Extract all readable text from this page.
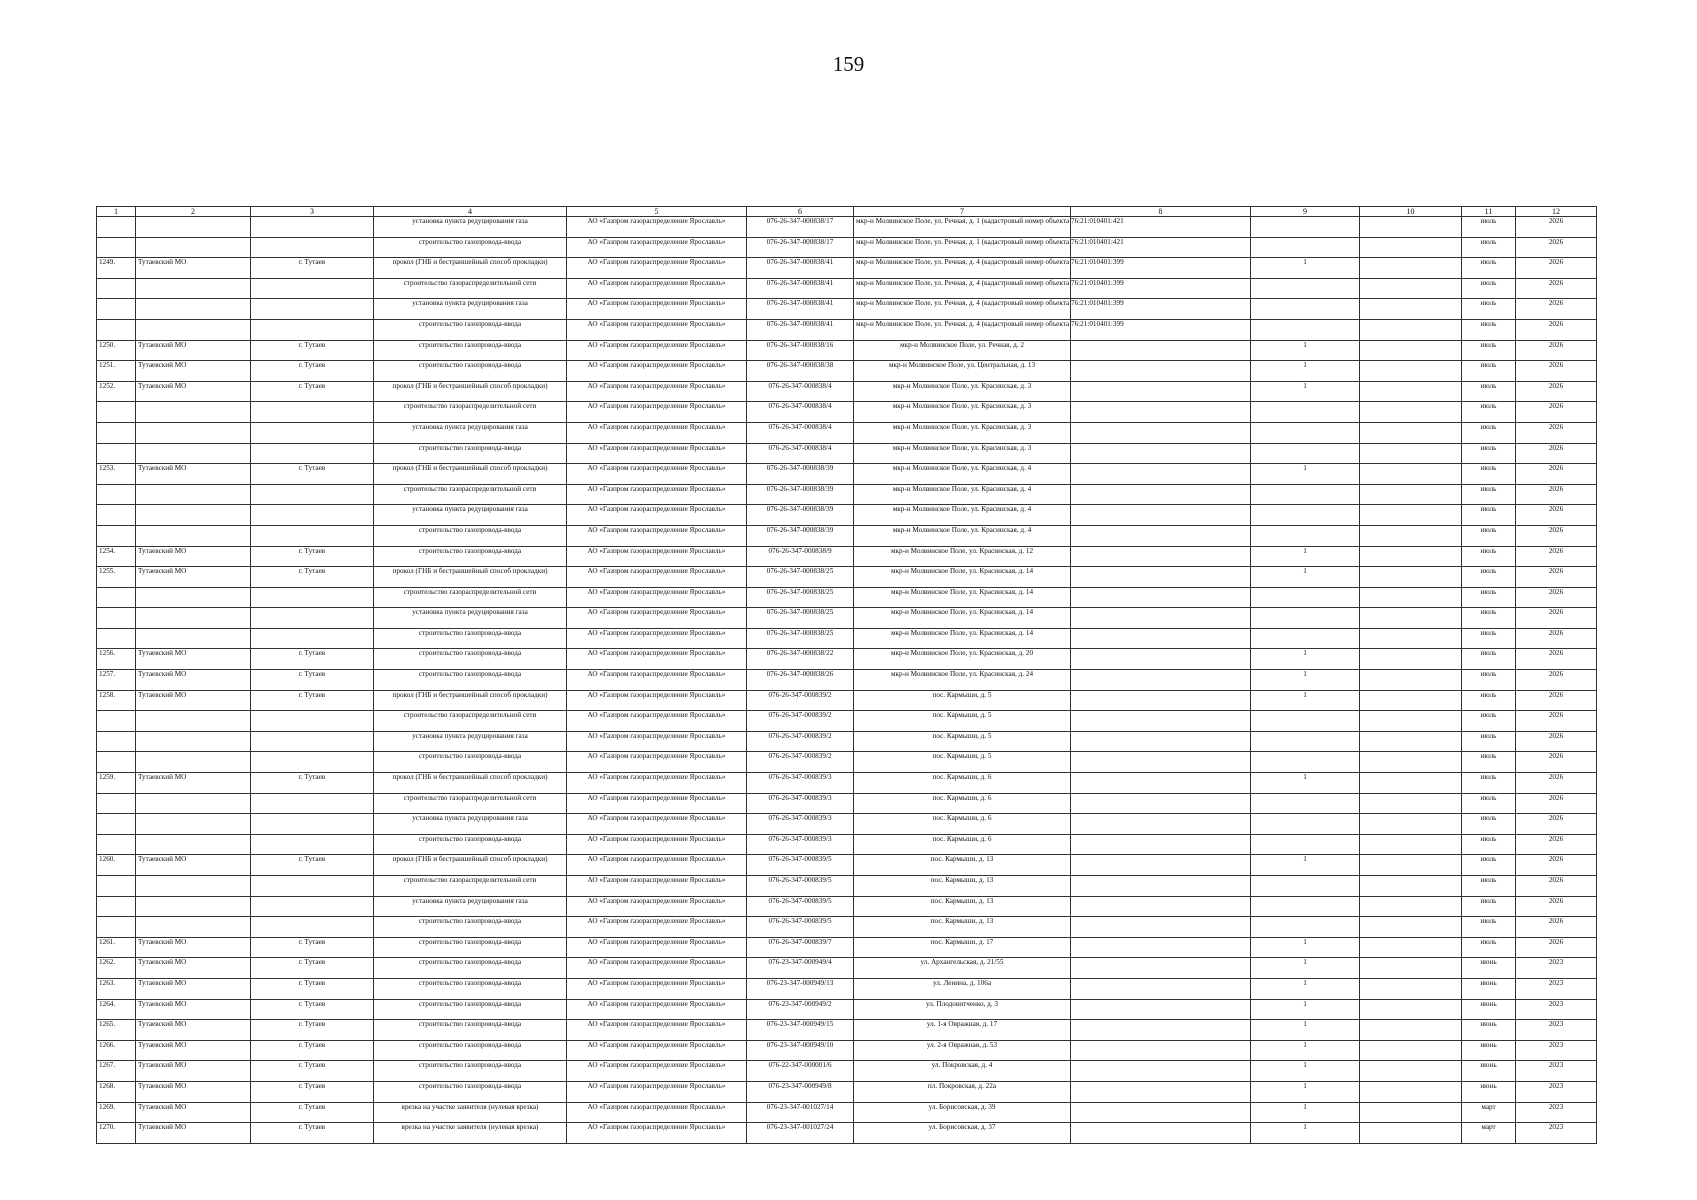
159
1	2	3	4	5	6	7	8	9	10	11	12
			установка пункта редуцирования газа	АО «Газпром газораспределение Ярославль»	076-26-347-000838/17	мкр-н Молвинское Поле, ул. Речная, д. 1 (кадастровый номер объекта 76:21:010401:421				июль	2026
			строительство газопровода-ввода	АО «Газпром газораспределение Ярославль»	076-26-347-000838/17	мкр-н Молвинское Поле, ул. Речная, д. 1 (кадастровый номер объекта 76:21:010401:421				июль	2026
1249.	Тутаевский МО	г. Тутаев	прокол (ГНБ и бестраншейный способ прокладки)	АО «Газпром газораспределение Ярославль»	076-26-347-000838/41	мкр-н Молвинское Поле, ул. Речная, д. 4 (кадастровый номер объекта 76:21:010401:399		1		июль	2026
			строительство газораспределительной сети	АО «Газпром газораспределение Ярославль»	076-26-347-000838/41	мкр-н Молвинское Поле, ул. Речная, д. 4 (кадастровый номер объекта 76:21:010401:399				июль	2026
			установка пункта редуцирования газа	АО «Газпром газораспределение Ярославль»	076-26-347-000838/41	мкр-н Молвинское Поле, ул. Речная, д. 4 (кадастровый номер объекта 76:21:010401:399				июль	2026
			строительство газопровода-ввода	АО «Газпром газораспределение Ярославль»	076-26-347-000838/41	мкр-н Молвинское Поле, ул. Речная, д. 4 (кадастровый номер объекта 76:21:010401:399				июль	2026
1250.	Тутаевский МО	г. Тутаев	строительство газопровода-ввода	АО «Газпром газораспределение Ярославль»	076-26-347-000838/16	мкр-н Молвинское Поле, ул. Речная, д. 2		1		июль	2026
1251.	Тутаевский МО	г. Тутаев	строительство газопровода-ввода	АО «Газпром газораспределение Ярославль»	076-26-347-000838/38	мкр-н Молвинское Поле, ул. Центральная, д. 13		1		июль	2026
1252.	Тутаевский МО	г. Тутаев	прокол (ГНБ и бестраншейный способ прокладки)	АО «Газпром газораспределение Ярославль»	076-26-347-000838/4	мкр-н Молвинское Поле, ул. Красинская, д. 3		1		июль	2026
			строительство газораспределительной сети	АО «Газпром газораспределение Ярославль»	076-26-347-000838/4	мкр-н Молвинское Поле, ул. Красинская, д. 3				июль	2026
			установка пункта редуцирования газа	АО «Газпром газораспределение Ярославль»	076-26-347-000838/4	мкр-н Молвинское Поле, ул. Красинская, д. 3				июль	2026
			строительство газопровода-ввода	АО «Газпром газораспределение Ярославль»	076-26-347-000838/4	мкр-н Молвинское Поле, ул. Красинская, д. 3				июль	2026
1253.	Тутаевский МО	г. Тутаев	прокол (ГНБ и бестраншейный способ прокладки)	АО «Газпром газораспределение Ярославль»	076-26-347-000838/39	мкр-н Молвинское Поле, ул. Красинская, д. 4		1		июль	2026
			строительство газораспределительной сети	АО «Газпром газораспределение Ярославль»	076-26-347-000838/39	мкр-н Молвинское Поле, ул. Красинская, д. 4				июль	2026
			установка пункта редуцирования газа	АО «Газпром газораспределение Ярославль»	076-26-347-000838/39	мкр-н Молвинское Поле, ул. Красинская, д. 4				июль	2026
			строительство газопровода-ввода	АО «Газпром газораспределение Ярославль»	076-26-347-000838/39	мкр-н Молвинское Поле, ул. Красинская, д. 4				июль	2026
1254.	Тутаевский МО	г. Тутаев	строительство газопровода-ввода	АО «Газпром газораспределение Ярославль»	076-26-347-000838/9	мкр-н Молвинское Поле, ул. Красинская, д. 12		1		июль	2026
1255.	Тутаевский МО	г. Тутаев	прокол (ГНБ и бестраншейный способ прокладки)	АО «Газпром газораспределение Ярославль»	076-26-347-000838/25	мкр-н Молвинское Поле, ул. Красинская, д. 14		1		июль	2026
			строительство газораспределительной сети	АО «Газпром газораспределение Ярославль»	076-26-347-000838/25	мкр-н Молвинское Поле, ул. Красинская, д. 14				июль	2026
			установка пункта редуцирования газа	АО «Газпром газораспределение Ярославль»	076-26-347-000838/25	мкр-н Молвинское Поле, ул. Красинская, д. 14				июль	2026
			строительство газопровода-ввода	АО «Газпром газораспределение Ярославль»	076-26-347-000838/25	мкр-н Молвинское Поле, ул. Красинская, д. 14				июль	2026
1256.	Тутаевский МО	г. Тутаев	строительство газопровода-ввода	АО «Газпром газораспределение Ярославль»	076-26-347-000838/22	мкр-н Молвинское Поле, ул. Красинская, д. 20		1		июль	2026
1257.	Тутаевский МО	г. Тутаев	строительство газопровода-ввода	АО «Газпром газораспределение Ярославль»	076-26-347-000838/26	мкр-н Молвинское Поле, ул. Красинская, д. 24		1		июль	2026
1258.	Тутаевский МО	г. Тутаев	прокол (ГНБ и бестраншейный способ прокладки)	АО «Газпром газораспределение Ярославль»	076-26-347-000839/2	пос. Кармыши, д. 5		1		июль	2026
			строительство газораспределительной сети	АО «Газпром газораспределение Ярославль»	076-26-347-000839/2	пос. Кармыши, д. 5				июль	2026
			установка пункта редуцирования газа	АО «Газпром газораспределение Ярославль»	076-26-347-000839/2	пос. Кармыши, д. 5				июль	2026
			строительство газопровода-ввода	АО «Газпром газораспределение Ярославль»	076-26-347-000839/2	пос. Кармыши, д. 5				июль	2026
1259.	Тутаевский МО	г. Тутаев	прокол (ГНБ и бестраншейный способ прокладки)	АО «Газпром газораспределение Ярославль»	076-26-347-000839/3	пос. Кармыши, д. 6		1		июль	2026
			строительство газораспределительной сети	АО «Газпром газораспределение Ярославль»	076-26-347-000839/3	пос. Кармыши, д. 6				июль	2026
			установка пункта редуцирования газа	АО «Газпром газораспределение Ярославль»	076-26-347-000839/3	пос. Кармыши, д. 6				июль	2026
			строительство газопровода-ввода	АО «Газпром газораспределение Ярославль»	076-26-347-000839/3	пос. Кармыши, д. 6				июль	2026
1260.	Тутаевский МО	г. Тутаев	прокол (ГНБ и бестраншейный способ прокладки)	АО «Газпром газораспределение Ярославль»	076-26-347-000839/5	пос. Кармыши, д. 13		1		июль	2026
			строительство газораспределительной сети	АО «Газпром газораспределение Ярославль»	076-26-347-000839/5	пос. Кармыши, д. 13				июль	2026
			установка пункта редуцирования газа	АО «Газпром газораспределение Ярославль»	076-26-347-000839/5	пос. Кармыши, д. 13				июль	2026
			строительство газопровода-ввода	АО «Газпром газораспределение Ярославль»	076-26-347-000839/5	пос. Кармыши, д. 13				июль	2026
1261.	Тутаевский МО	г. Тутаев	строительство газопровода-ввода	АО «Газпром газораспределение Ярославль»	076-26-347-000839/7	пос. Кармыши, д. 17		1		июль	2026
1262.	Тутаевский МО	г. Тутаев	строительство газопровода-ввода	АО «Газпром газораспределение Ярославль»	076-23-347-000949/4	ул. Архангельская, д. 21/55		1		июнь	2023
1263.	Тутаевский МО	г. Тутаев	строительство газопровода-ввода	АО «Газпром газораспределение Ярославль»	076-23-347-000949/13	ул. Ленина, д. 106а		1		июнь	2023
1264.	Тутаевский МО	г. Тутаев	строительство газопровода-ввода	АО «Газпром газораспределение Ярославль»	076-23-347-000949/2	ул. Плодовитченко, д. 3		1		июнь	2023
1265.	Тутаевский МО	г. Тутаев	строительство газопровода-ввода	АО «Газпром газораспределение Ярославль»	076-23-347-000949/15	ул. 1-я Овражная, д. 17		1		июнь	2023
1266.	Тутаевский МО	г. Тутаев	строительство газопровода-ввода	АО «Газпром газораспределение Ярославль»	076-23-347-000949/10	ул. 2-я Овражная, д. 53		1		июнь	2023
1267.	Тутаевский МО	г. Тутаев	строительство газопровода-ввода	АО «Газпром газораспределение Ярославль»	076-22-347-000001/6	ул. Покровская, д. 4		1		июнь	2023
1268.	Тутаевский МО	г. Тутаев	строительство газопровода-ввода	АО «Газпром газораспределение Ярославль»	076-23-347-000949/8	пл. Покровская, д. 22а		1		июнь	2023
1269.	Тутаевский МО	г. Тутаев	врезка на участке заявителя (нулевая врезка)	АО «Газпром газораспределение Ярославль»	076-23-347-001027/14	ул. Борисовская, д. 39		1		март	2023
1270.	Тутаевский МО	г. Тутаев	врезка на участке заявителя (нулевая врезка)	АО «Газпром газораспределение Ярославль»	076-23-347-001027/24	ул. Борисовская, д. 37		1		март	2023
